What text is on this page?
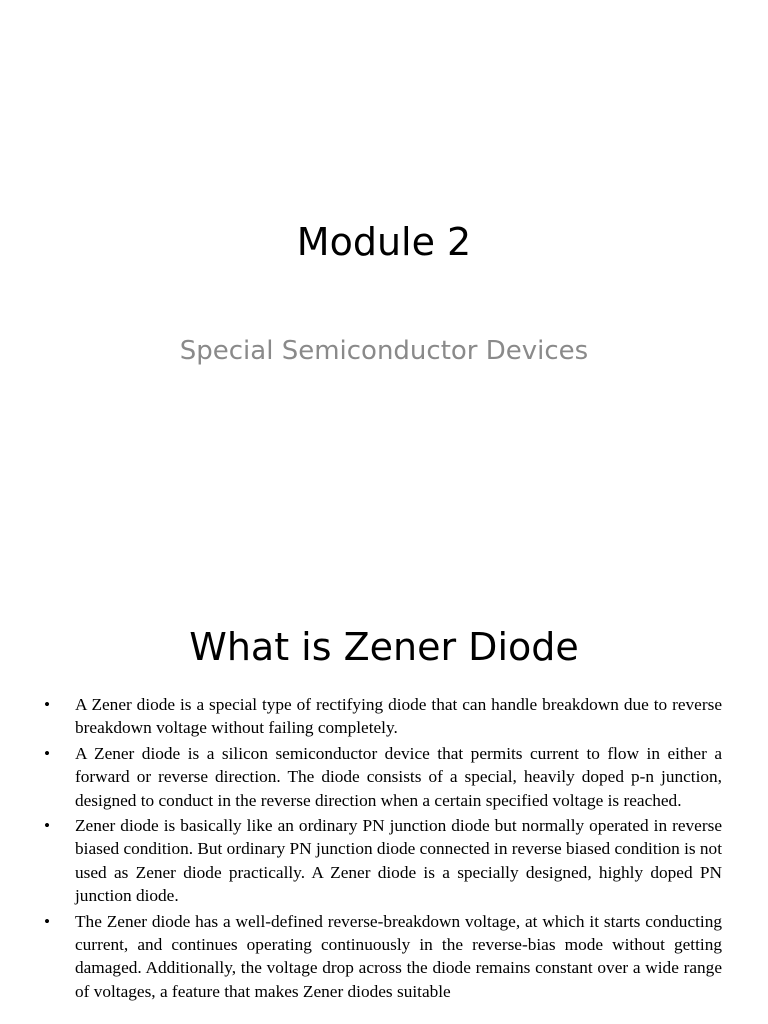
Module 2
Special Semiconductor Devices
What is Zener Diode
• A Zener diode is a special type of rectifying diode that can handle breakdown due to reverse breakdown voltage without failing completely.
• A Zener diode is a silicon semiconductor device that permits current to flow in either a forward or reverse direction. The diode consists of a special, heavily doped p-n junction, designed to conduct in the reverse direction when a certain specified voltage is reached.
• Zener diode is basically like an ordinary PN junction diode but normally operated in reverse biased condition. But ordinary PN junction diode connected in reverse biased condition is not used as Zener diode practically. A Zener diode is a specially designed, highly doped PN junction diode.
• The Zener diode has a well-defined reverse-breakdown voltage, at which it starts conducting current, and continues operating continuously in the reverse-bias mode without getting damaged. Additionally, the voltage drop across the diode remains constant over a wide range of voltages, a feature that makes Zener diodes suitable
